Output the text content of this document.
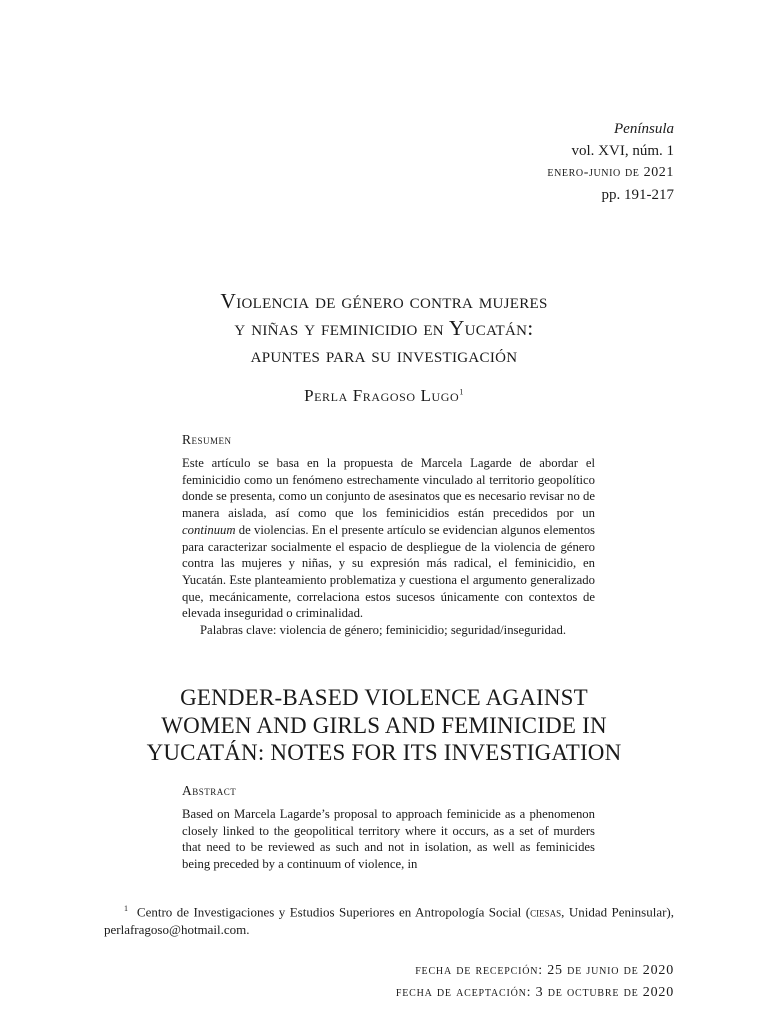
Península
vol. XVI, núm. 1
enero-junio de 2021
pp. 191-217
Violencia de género contra mujeres
y niñas y feminicidio en Yucatán:
apuntes para su investigación
Perla Fragoso Lugo$^1$
Resumen

Este artículo se basa en la propuesta de Marcela Lagarde de abordar el feminicidio como un fenómeno estrechamente vinculado al territorio geopolítico donde se presenta, como un conjunto de asesinatos que es necesario revisar no de manera aislada, así como que los feminicidios están precedidos por un continuum de violencias. En el presente artículo se evidencian algunos elementos para caracterizar socialmente el espacio de despliegue de la violencia de género contra las mujeres y niñas, y su expresión más radical, el feminicidio, en Yucatán. Este planteamiento problematiza y cuestiona el argumento generalizado que, mecánicamente, correlaciona estos sucesos únicamente con contextos de elevada inseguridad o criminalidad.

Palabras clave: violencia de género; feminicidio; seguridad/inseguridad.

GENDER-BASED VIOLENCE AGAINST
WOMEN AND GIRLS AND FEMINICIDE IN
YUCATÁN: NOTES FOR ITS INVESTIGATION
Abstract

Based on Marcela Lagarde’s proposal to approach feminicide as a phenomenon closely linked to the geopolitical territory where it occurs, as a set of murders that need to be reviewed as such and not in isolation, as well as feminicides being preceded by a continuum of violence, in

$^1$ Centro de Investigaciones y Estudios Superiores en Antropología Social (ciesas, Unidad Peninsular), perlafragoso@hotmail.com.
fecha de recepción: 25 de junio de 2020
fecha de aceptación: 3 de octubre de 2020
